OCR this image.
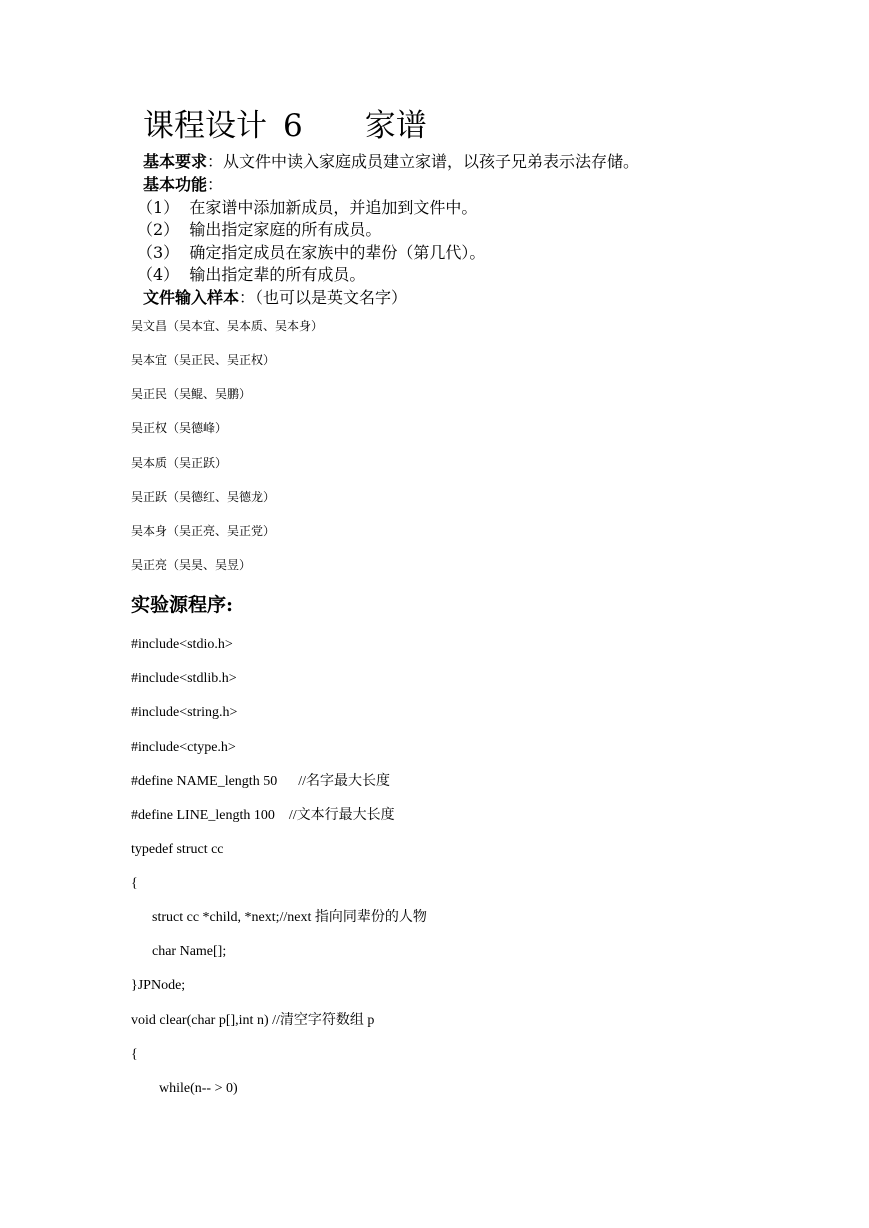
课程设计 6 家谱
基本要求：从文件中读入家庭成员建立家谱，以孩子兄弟表示法存储。
基本功能：
（1）  在家谱中添加新成员，并追加到文件中。
（2）  输出指定家庭的所有成员。
（3）  确定指定成员在家族中的辈份（第几代）。
（4）  输出指定辈的所有成员。
文件输入样本：（也可以是英文名字）
吴文昌（吴本宜、吴本质、吴本身）
吴本宜（吴正民、吴正权）
吴正民（吴鲲、吴鹏）
吴正权（吴德峰）
吴本质（吴正跃）
吴正跃（吴德红、吴德龙）
吴本身（吴正亮、吴正党）
吴正亮（吴昊、吴昱）
实验源程序:
#include<stdio.h>
#include<stdlib.h>
#include<string.h>
#include<ctype.h>
#define NAME_length 50      //名字最大长度
#define LINE_length 100    //文本行最大长度
typedef struct cc
{
struct cc *child, *next;//next 指向同辈份的人物
char Name[];
}JPNode;
void clear(char p[],int n) //清空字符数组 p
{
while(n-- > 0)
